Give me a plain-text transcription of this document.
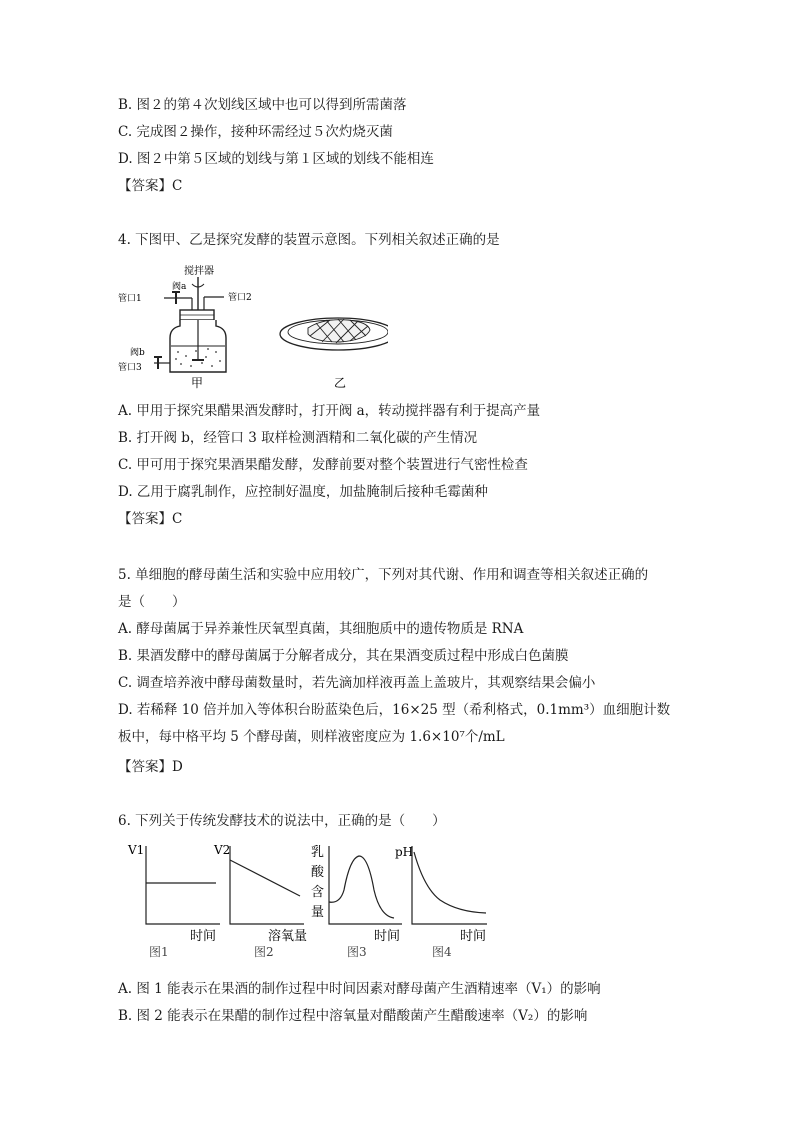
B. 图２的第４次划线区域中也可以得到所需菌落
C. 完成图２操作，接种环需经过５次灼烧灭菌
D. 图２中第５区域的划线与第１区域的划线不能相连
【答案】C
4. 下图甲、乙是探究发酵的装置示意图。下列相关叙述正确的是
搅拌器
阀a
管口1	管口2
阀b
管口3
甲	乙
A. 甲用于探究果醋果酒发酵时，打开阀 a，转动搅拌器有利于提高产量
B. 打开阀 b，经管口 3 取样检测酒精和二氧化碳的产生情况
C. 甲可用于探究果酒果醋发酵，发酵前要对整个装置进行气密性检查
D. 乙用于腐乳制作，应控制好温度，加盐腌制后接种毛霉菌种
【答案】C
5. 单细胞的酵母菌生活和实验中应用较广，下列对其代谢、作用和调查等相关叙述正确的
是（　　）
A. 酵母菌属于异养兼性厌氧型真菌，其细胞质中的遗传物质是 RNA
B. 果酒发酵中的酵母菌属于分解者成分，其在果酒变质过程中形成白色菌膜
C. 调查培养液中酵母菌数量时，若先滴加样液再盖上盖玻片，其观察结果会偏小
D. 若稀释 10 倍并加入等体积台盼蓝染色后，16×25 型（希利格式，0.1mm³）血细胞计数
板中，每中格平均 5 个酵母菌，则样液密度应为 1.6×10⁷个/mL
【答案】D
6. 下列关于传统发酵技术的说法中，正确的是（　　）
V1
时间
图1
V2
溶氧量
图2
乳酸含量
时间
图3
pH
时间
图4
A. 图 1 能表示在果酒的制作过程中时间因素对酵母菌产生酒精速率（V₁）的影响
B. 图 2 能表示在果醋的制作过程中溶氧量对醋酸菌产生醋酸速率（V₂）的影响
